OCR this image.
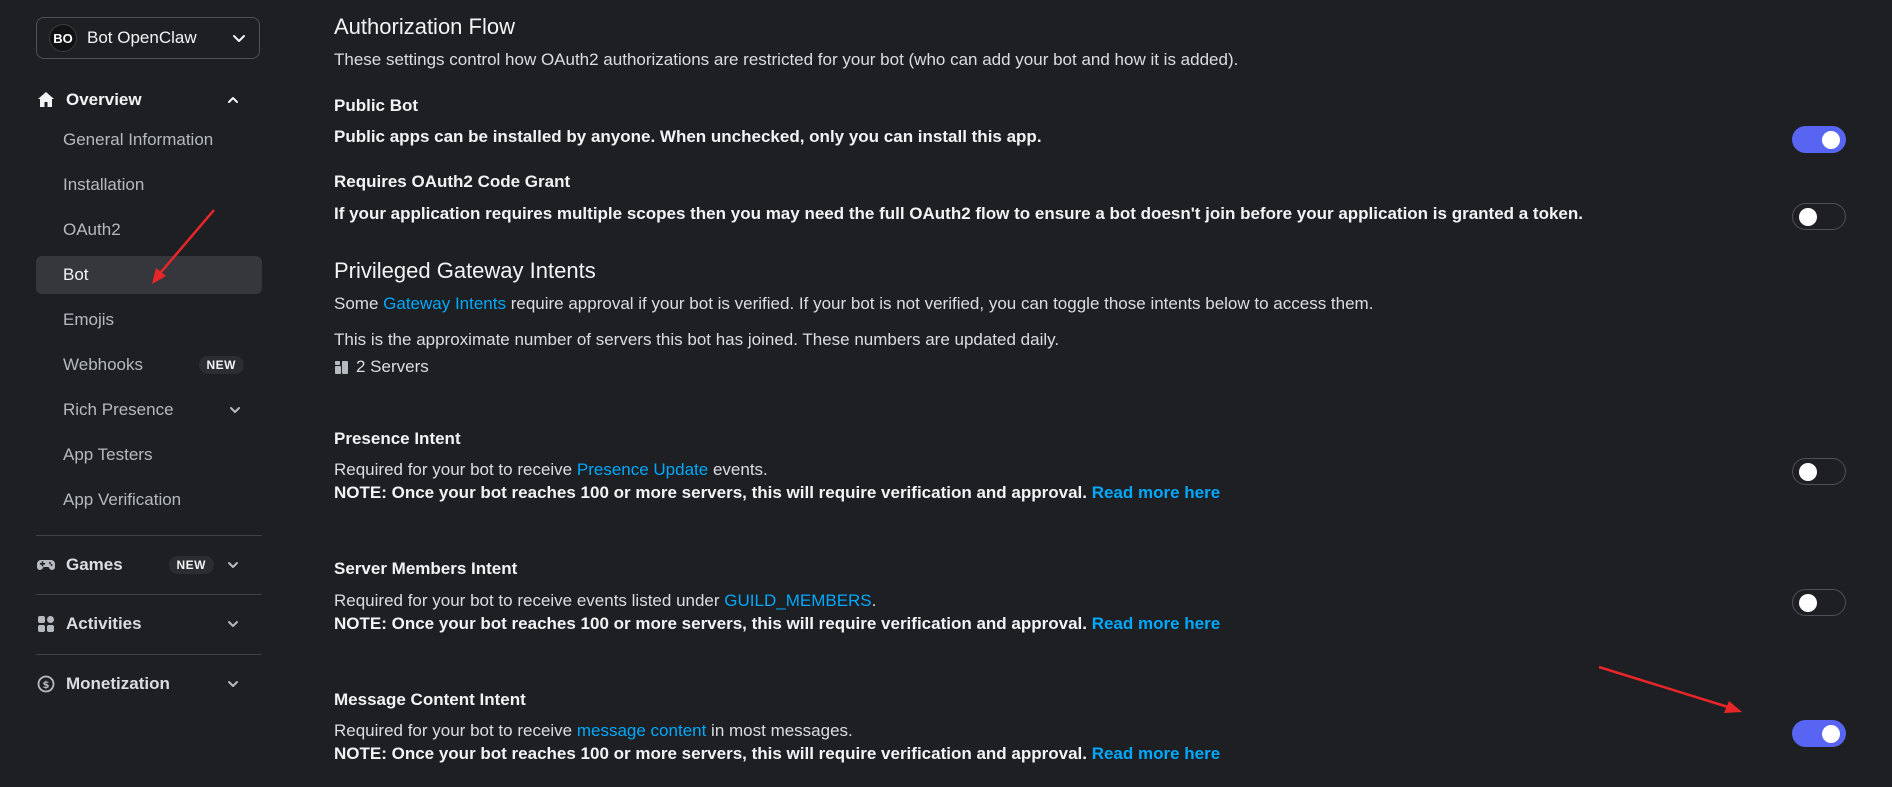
BO Bot OpenClaw
Overview
General Information
Installation
OAuth2
Bot
Emojis
Webhooks	NEW
Rich Presence
App Testers
App Verification
Games	NEW
Activities
$ Monetization
Authorization Flow
These settings control how OAuth2 authorizations are restricted for your bot (who can add your bot and how it is added).
Public Bot
Public apps can be installed by anyone. When unchecked, only you can install this app.
Requires OAuth2 Code Grant
If your application requires multiple scopes then you may need the full OAuth2 flow to ensure a bot doesn't join before your application is granted a token.
Privileged Gateway Intents
Some Gateway Intents require approval if your bot is verified. If your bot is not verified, you can toggle those intents below to access them.
This is the approximate number of servers this bot has joined. These numbers are updated daily.
2 Servers
Presence Intent
Required for your bot to receive Presence Update events.
NOTE: Once your bot reaches 100 or more servers, this will require verification and approval. Read more here
Server Members Intent
Required for your bot to receive events listed under GUILD_MEMBERS.
NOTE: Once your bot reaches 100 or more servers, this will require verification and approval. Read more here
Message Content Intent
Required for your bot to receive message content in most messages.
NOTE: Once your bot reaches 100 or more servers, this will require verification and approval. Read more here
